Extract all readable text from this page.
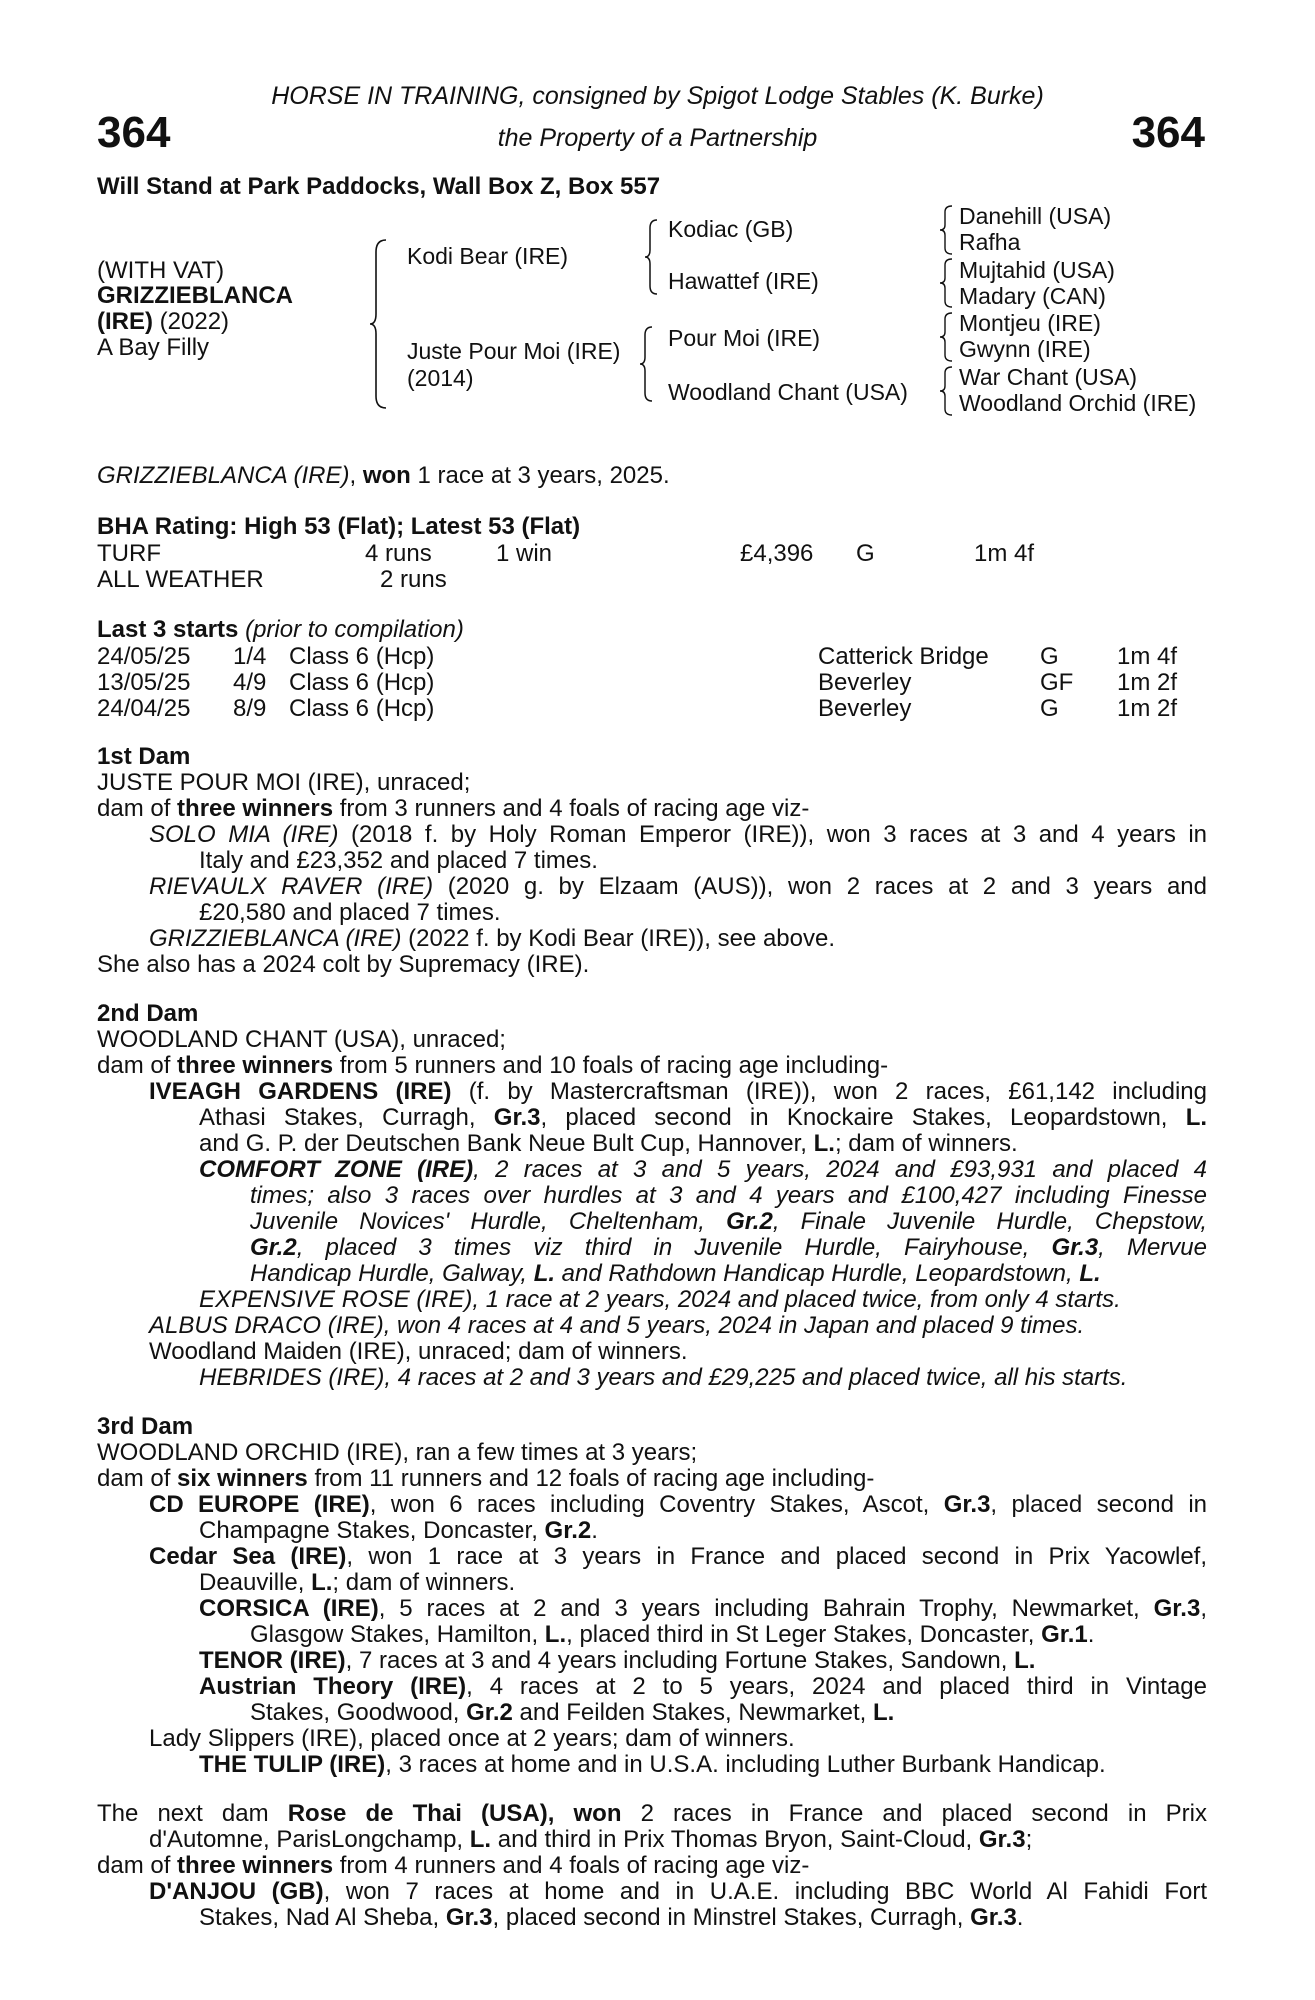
HORSE IN TRAINING, consigned by Spigot Lodge Stables (K. Burke)
364	the Property of a Partnership	364
Will Stand at Park Paddocks, Wall Box Z, Box 557
(WITH VAT)
GRIZZIEBLANCA
(IRE) (2022)
A Bay Filly
Kodi Bear (IRE)
Juste Pour Moi (IRE)
(2014)
Kodiac (GB)
Hawattef (IRE)
Pour Moi (IRE)
Woodland Chant (USA)
Danehill (USA)
Rafha
Mujtahid (USA)
Madary (CAN)
Montjeu (IRE)
Gwynn (IRE)
War Chant (USA)
Woodland Orchid (IRE)
GRIZZIEBLANCA (IRE), won 1 race at 3 years, 2025.
BHA Rating: High 53 (Flat); Latest 53 (Flat)
TURF	4 runs	1 win	£4,396 G	1m 4f
ALL WEATHER	2 runs
Last 3 starts (prior to compilation)
24/05/25 1/4 Class 6 (Hcp)	Catterick Bridge G 1m 4f
13/05/25 4/9 Class 6 (Hcp)	Beverley	GF 1m 2f
24/04/25 8/9 Class 6 (Hcp)	Beverley	G 1m 2f
1st Dam
JUSTE POUR MOI (IRE), unraced;
dam of three winners from 3 runners and 4 foals of racing age viz-
SOLO MIA (IRE) (2018 f. by Holy Roman Emperor (IRE)), won 3 races at 3 and 4 years in
Italy and £23,352 and placed 7 times.
RIEVAULX RAVER (IRE) (2020 g. by Elzaam (AUS)), won 2 races at 2 and 3 years and
£20,580 and placed 7 times.
GRIZZIEBLANCA (IRE) (2022 f. by Kodi Bear (IRE)), see above.
She also has a 2024 colt by Supremacy (IRE).
2nd Dam
WOODLAND CHANT (USA), unraced;
dam of three winners from 5 runners and 10 foals of racing age including-
IVEAGH GARDENS (IRE) (f. by Mastercraftsman (IRE)), won 2 races, £61,142 including
Athasi Stakes, Curragh, Gr.3, placed second in Knockaire Stakes, Leopardstown, L.
and G. P. der Deutschen Bank Neue Bult Cup, Hannover, L.; dam of winners.
COMFORT ZONE (IRE), 2 races at 3 and 5 years, 2024 and £93,931 and placed 4
times; also 3 races over hurdles at 3 and 4 years and £100,427 including Finesse
Juvenile Novices' Hurdle, Cheltenham, Gr.2, Finale Juvenile Hurdle, Chepstow,
Gr.2, placed 3 times viz third in Juvenile Hurdle, Fairyhouse, Gr.3, Mervue
Handicap Hurdle, Galway, L. and Rathdown Handicap Hurdle, Leopardstown, L.
EXPENSIVE ROSE (IRE), 1 race at 2 years, 2024 and placed twice, from only 4 starts.
ALBUS DRACO (IRE), won 4 races at 4 and 5 years, 2024 in Japan and placed 9 times.
Woodland Maiden (IRE), unraced; dam of winners.
HEBRIDES (IRE), 4 races at 2 and 3 years and £29,225 and placed twice, all his starts.
3rd Dam
WOODLAND ORCHID (IRE), ran a few times at 3 years;
dam of six winners from 11 runners and 12 foals of racing age including-
CD EUROPE (IRE), won 6 races including Coventry Stakes, Ascot, Gr.3, placed second in
Champagne Stakes, Doncaster, Gr.2.
Cedar Sea (IRE), won 1 race at 3 years in France and placed second in Prix Yacowlef,
Deauville, L.; dam of winners.
CORSICA (IRE), 5 races at 2 and 3 years including Bahrain Trophy, Newmarket, Gr.3,
Glasgow Stakes, Hamilton, L., placed third in St Leger Stakes, Doncaster, Gr.1.
TENOR (IRE), 7 races at 3 and 4 years including Fortune Stakes, Sandown, L.
Austrian Theory (IRE), 4 races at 2 to 5 years, 2024 and placed third in Vintage
Stakes, Goodwood, Gr.2 and Feilden Stakes, Newmarket, L.
Lady Slippers (IRE), placed once at 2 years; dam of winners.
THE TULIP (IRE), 3 races at home and in U.S.A. including Luther Burbank Handicap.
The next dam Rose de Thai (USA), won 2 races in France and placed second in Prix
d'Automne, ParisLongchamp, L. and third in Prix Thomas Bryon, Saint-Cloud, Gr.3;
dam of three winners from 4 runners and 4 foals of racing age viz-
D'ANJOU (GB), won 7 races at home and in U.A.E. including BBC World Al Fahidi Fort
Stakes, Nad Al Sheba, Gr.3, placed second in Minstrel Stakes, Curragh, Gr.3.
